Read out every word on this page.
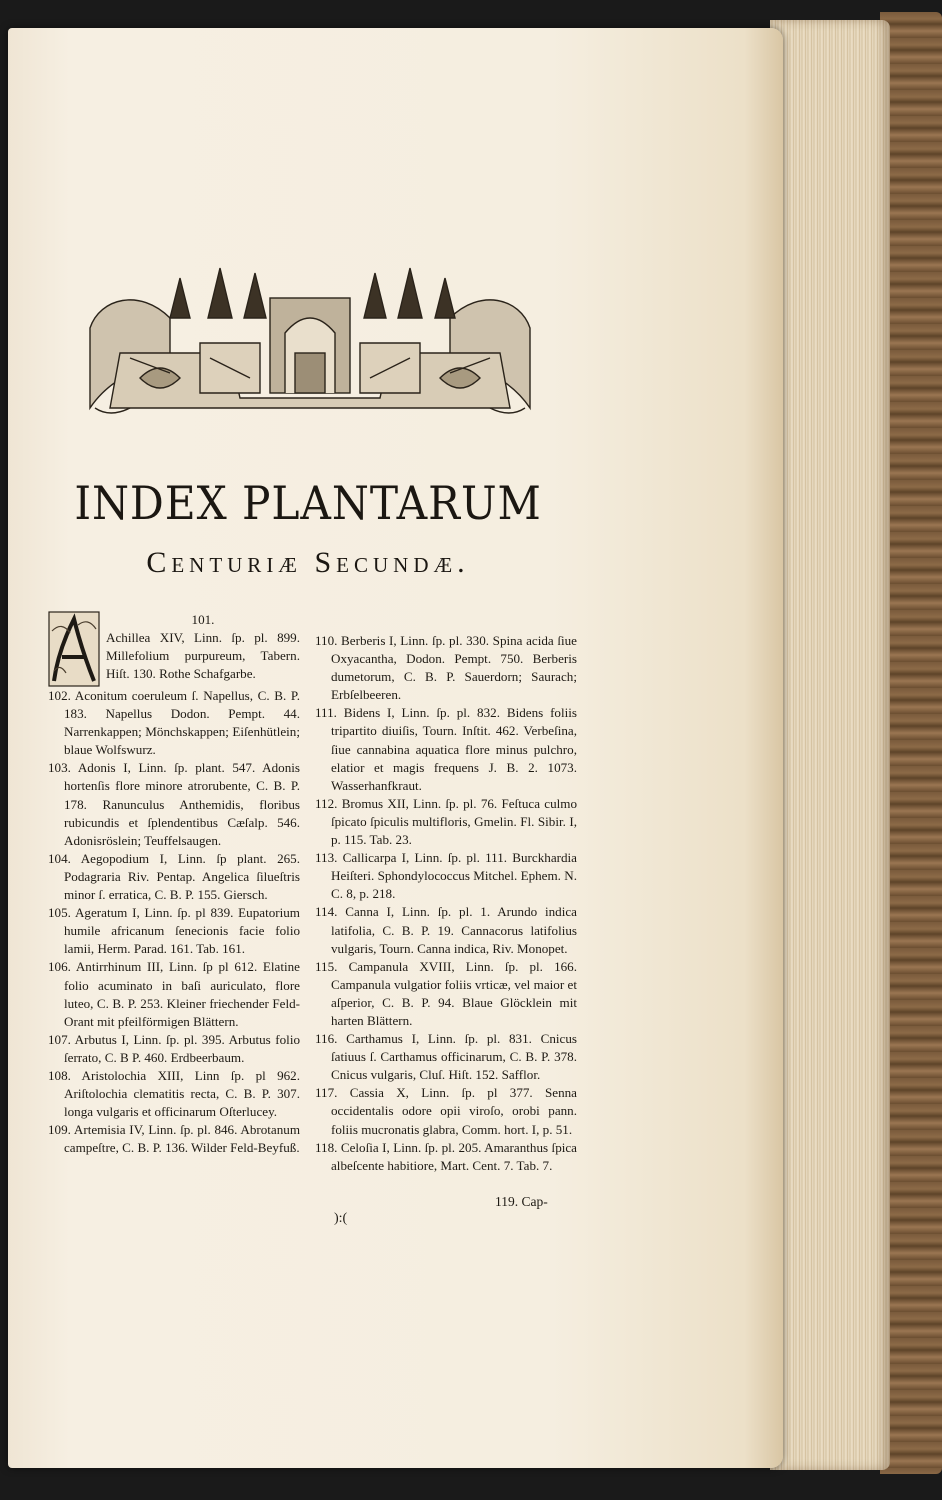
INDEX PLANTARUM
Centuriæ Secundæ.

101.

Achillea XIV, Linn. ſp. pl. 899. Millefolium purpureum, Tabern. Hiſt. 130. Rothe Schafgarbe.

102. Aconitum coeruleum ſ. Napellus, C. B. P. 183. Napellus Dodon. Pempt. 44. Narrenkappen; Mönchskappen; Eiſenhütlein; blaue Wolfswurz.

103. Adonis I, Linn. ſp. plant. 547. Adonis hortenſis flore minore atrorubente, C. B. P. 178. Ranunculus Anthemidis, floribus rubicundis et ſplendentibus Cæſalp. 546. Adonisröslein; Teuffelsaugen.

104. Aegopodium I, Linn. ſp plant. 265. Podagraria Riv. Pentap. Angelica ſilueſtris minor ſ. erratica, C. B. P. 155. Giersch.

105. Ageratum I, Linn. ſp. pl 839. Eupatorium humile africanum ſenecionis facie folio lamii, Herm. Parad. 161. Tab. 161.

106. Antirrhinum III, Linn. ſp pl 612. Elatine folio acuminato in baſi auriculato, flore luteo, C. B. P. 253. Kleiner friechender Feld-Orant mit pfeilförmigen Blättern.

107. Arbutus I, Linn. ſp. pl. 395. Arbutus folio ſerrato, C. B P. 460. Erdbeerbaum.

108. Aristolochia XIII, Linn ſp. pl 962. Ariſtolochia clematitis recta, C. B. P. 307. longa vulgaris et officinarum Oſterlucey.

109. Artemisia IV, Linn. ſp. pl. 846. Abrotanum campeſtre, C. B. P. 136. Wilder Feld-Beyfuß.

110. Berberis I, Linn. ſp. pl. 330. Spina acida ſiue Oxyacantha, Dodon. Pempt. 750. Berberis dumetorum, C. B. P. Sauerdorn; Saurach; Erbſelbeeren.

111. Bidens I, Linn. ſp. pl. 832. Bidens foliis tripartito diuiſis, Tourn. Inſtit. 462. Verbeſina, ſiue cannabina aquatica flore minus pulchro, elatior et magis frequens J. B. 2. 1073. Wasserhanfkraut.

112. Bromus XII, Linn. ſp. pl. 76. Feſtuca culmo ſpicato ſpiculis multifloris, Gmelin. Fl. Sibir. I, p. 115. Tab. 23.

113. Callicarpa I, Linn. ſp. pl. 111. Burckhardia Heiſteri. Sphondylococcus Mitchel. Ephem. N. C. 8, p. 218.

114. Canna I, Linn. ſp. pl. 1. Arundo indica latifolia, C. B. P. 19. Cannacorus latifolius vulgaris, Tourn. Canna indica, Riv. Monopet.

115. Campanula XVIII, Linn. ſp. pl. 166. Campanula vulgatior foliis vrticæ, vel maior et aſperior, C. B. P. 94. Blaue Glöcklein mit harten Blättern.

116. Carthamus I, Linn. ſp. pl. 831. Cnicus ſatiuus ſ. Carthamus officinarum, C. B. P. 378. Cnicus vulgaris, Cluſ. Hiſt. 152. Safflor.

117. Cassia X, Linn. ſp. pl 377. Senna occidentalis odore opii viroſo, orobi pann. foliis mucronatis glabra, Comm. hort. I, p. 51.

118. Celoſia I, Linn. ſp. pl. 205. Amaranthus ſpica albeſcente habitiore, Mart. Cent. 7. Tab. 7.

):(
119. Cap-
